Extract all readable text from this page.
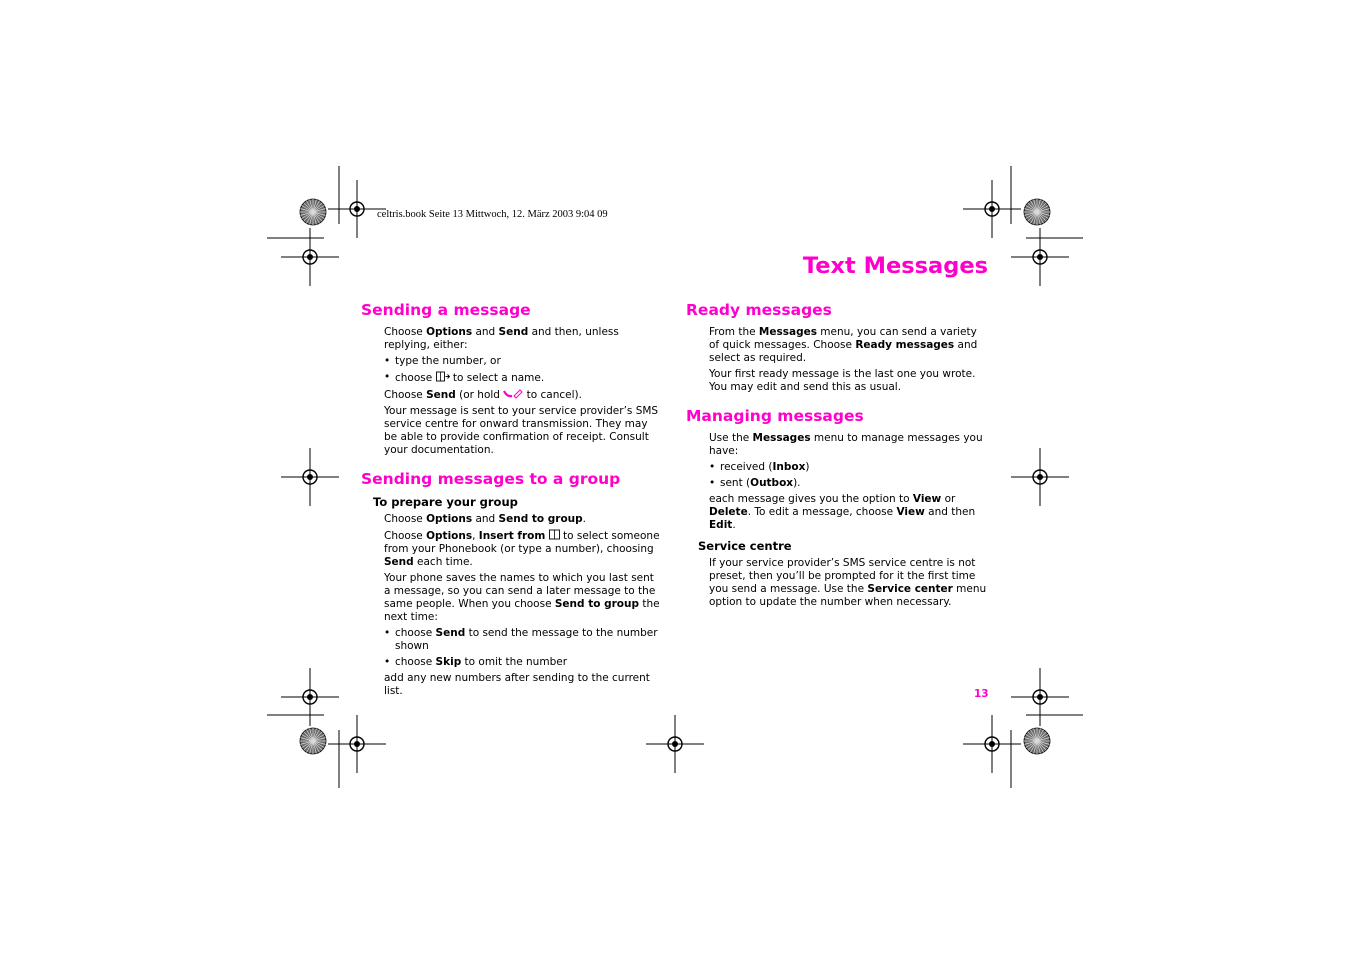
celtris.book Seite 13 Mittwoch, 12. März 2003 9:04 09
Text Messages
Sending a message

Choose Options and Send and then, unless replying, either:

• type the number, or
• choose  to select a name.

Choose Send (or hold  to cancel).

Your message is sent to your service provider’s SMS service centre for onward transmission. They may be able to provide confirmation of receipt. Consult your documentation.

Sending messages to a group
To prepare your group

Choose Options and Send to group.

Choose Options, Insert from  to select someone from your Phonebook (or type a number), choosing Send each time.

Your phone saves the names to which you last sent a message, so you can send a later message to the same people. When you choose Send to group the next time:

• choose Send to send the message to the number shown
• choose Skip to omit the number

add any new numbers after sending to the current list.

Ready messages

From the Messages menu, you can send a variety of quick messages. Choose Ready messages and select as required.

Your first ready message is the last one you wrote. You may edit and send this as usual.

Managing messages

Use the Messages menu to manage messages you have:

• received (Inbox)
• sent (Outbox).

each message gives you the option to View or Delete. To edit a message, choose View and then Edit.

Service centre

If your service provider’s SMS service centre is not preset, then you’ll be prompted for it the first time you send a message. Use the Service center menu option to update the number when necessary.

13
